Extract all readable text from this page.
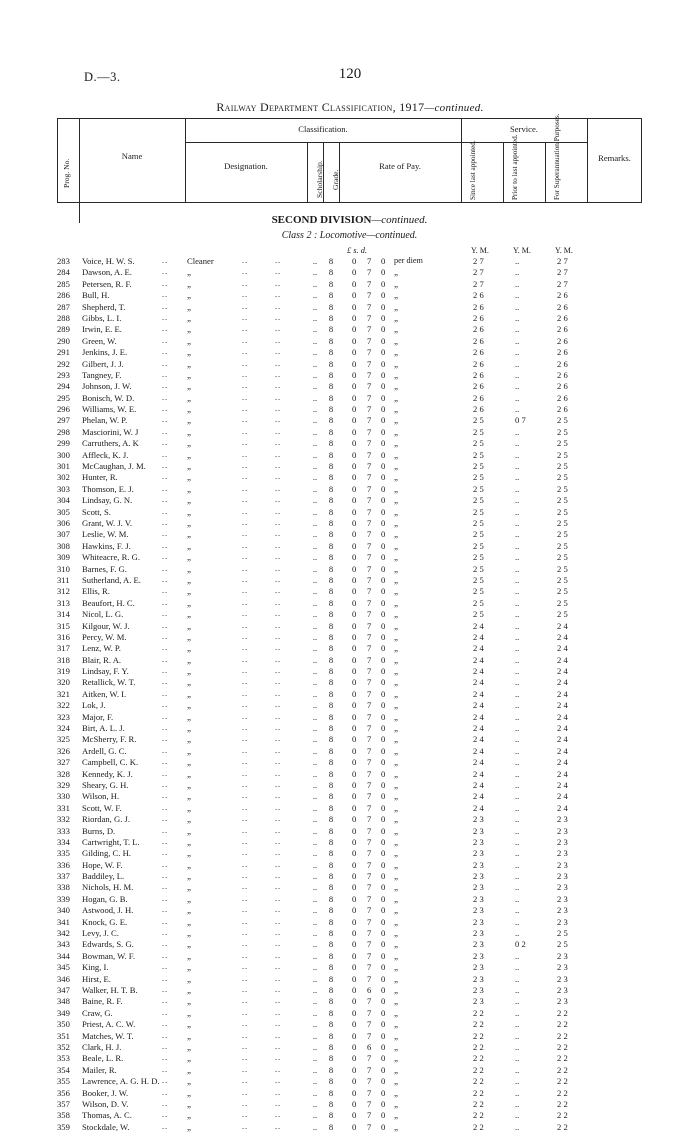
D.—3.	120
Railway Department Classification, 1917—continued.
Classification.	Service.
Designation.	Rate of Pay.
Remarks.
Name
Prog. No.	Scholarship. Grade.	Since last appointed.	Prior to last appointed.	For Superannuation Purposes.
SECOND DIVISION—continued.
Class 2 : Locomotive—continued.
£ s. d.	Y. M.	Y. M.	Y. M.
283	Voice, H. W. S.	.. Cleaner	..	..	..	8	0 7 0 per diem	2 7	..	2 7
284	Dawson, A. E.	.. „	..	..	..	8	0 7 0 „	2 7	..	2 7
285	Petersen, R. F.	.. „	..	..	..	8	0 7 0 „	2 7	..	2 7
286	Bull, H.	.. „	..	..	..	8	0 7 0 „	2 6	..	2 6
287	Shepherd, T.	.. „	..	..	..	8	0 7 0 „	2 6	..	2 6
288	Gibbs, L. I.	.. „	..	..	..	8	0 7 0 „	2 6	..	2 6
289	Irwin, E. E.	.. „	..	..	..	8	0 7 0 „	2 6	..	2 6
290	Green, W.	.. „	..	..	..	8	0 7 0 „	2 6	..	2 6
291	Jenkins, J. E.	.. „	..	..	..	8	0 7 0 „	2 6	..	2 6
292	Gilbert, J. J.	.. „	..	..	..	8	0 7 0 „	2 6	..	2 6
293	Tangney, F.	.. „	..	..	..	8	0 7 0 „	2 6	..	2 6
294	Johnson, J. W.	.. „	..	..	..	8	0 7 0 „	2 6	..	2 6
295	Bonisch, W. D.	.. „	..	..	..	8	0 7 0 „	2 6	..	2 6
296	Williams, W. E.	.. „	..	..	..	8	0 7 0 „	2 6	..	2 6
297	Phelan, W. P.	.. „	..	..	..	8	0 7 0 „	2 5	0 7	2 5
298	Masciorini, W. J	.. „	..	..	..	8	0 7 0 „	2 5	..	2 5
299	Carruthers, A. K	.. „	..	..	..	8	0 7 0 „	2 5	..	2 5
300	Affleck, K. J.	.. „	..	..	..	8	0 7 0 „	2 5	..	2 5
301	McCaughan, J. M. .. „	..	..	..	8	0 7 0 „	2 5	..	2 5
302	Hunter, R.	.. „	..	..	..	8	0 7 0 „	2 5	..	2 5
303	Thomson, E. J.	.. „	..	..	..	8	0 7 0 „	2 5	..	2 5
304	Lindsay, G. N.	.. „	..	..	..	8	0 7 0 „	2 5	..	2 5
305	Scott, S.	.. „	..	..	..	8	0 7 0 „	2 5	..	2 5
306	Grant, W. J. V.	.. „	..	..	..	8	0 7 0 „	2 5	..	2 5
307	Leslie, W. M.	.. „	..	..	..	8	0 7 0 „	2 5	..	2 5
308	Hawkins, F. J.	.. „	..	..	..	8	0 7 0 „	2 5	..	2 5
309	Whiteacre, R. G.	.. „	..	..	..	8	0 7 0 „	2 5	..	2 5
310	Barnes, F. G.	.. „	..	..	..	8	0 7 0 „	2 5	..	2 5
311	Sutherland, A. E.	.. „	..	..	..	8	0 7 0 „	2 5	..	2 5
312	Ellis, R.	.. „	..	..	..	8	0 7 0 „	2 5	..	2 5
313	Beaufort, H. C.	.. „	..	..	..	8	0 7 0 „	2 5	..	2 5
314	Nicol, L. G.	.. „	..	..	..	8	0 7 0 „	2 5	..	2 5
315	Kilgour, W. J.	.. „	..	..	..	8	0 7 0 „	2 4	..	2 4
316	Percy, W. M.	.. „	..	..	..	8	0 7 0 „	2 4	..	2 4
317	Lenz, W. P.	.. „	..	..	..	8	0 7 0 „	2 4	..	2 4
318	Blair, R. A.	.. „	..	..	..	8	0 7 0 „	2 4	..	2 4
319	Lindsay, F. Y.	.. „	..	..	..	8	0 7 0 „	2 4	..	2 4
320	Retallick, W. T.	.. „	..	..	..	8	0 7 0 „	2 4	..	2 4
321	Aitken, W. I.	.. „	..	..	..	8	0 7 0 „	2 4	..	2 4
322	Lok, J.	.. „	..	..	..	8	0 7 0 „	2 4	..	2 4
323	Major, F.	.. „	..	..	..	8	0 7 0 „	2 4	..	2 4
324	Birt, A. L. J.	.. „	..	..	..	8	0 7 0 „	2 4	..	2 4
325	McSherry, F. R.	.. „	..	..	..	8	0 7 0 „	2 4	..	2 4
326	Ardell, G. C.	.. „	..	..	..	8	0 7 0 „	2 4	..	2 4
327	Campbell, C. K.	.. „	..	..	..	8	0 7 0 „	2 4	..	2 4
328	Kennedy, K. J.	.. „	..	..	..	8	0 7 0 „	2 4	..	2 4
329	Sheary, G. H.	.. „	..	..	..	8	0 7 0 „	2 4	..	2 4
330	Wilson, H.	.. „	..	..	..	8	0 7 0 „	2 4	..	2 4
331	Scott, W. F.	.. „	..	..	..	8	0 7 0 „	2 4	..	2 4
332	Riordan, G. J.	.. „	..	..	..	8	0 7 0 „	2 3	..	2 3
333	Burns, D.	.. „	..	..	..	8	0 7 0 „	2 3	..	2 3
334	Cartwright, T. L.	.. „	..	..	..	8	0 7 0 „	2 3	..	2 3
335	Gilding, C. H.	.. „	..	..	..	8	0 7 0 „	2 3	..	2 3
336	Hope, W. F.	.. „	..	..	..	8	0 7 0 „	2 3	..	2 3
337	Baddiley, L.	.. „	..	..	..	8	0 7 0 „	2 3	..	2 3
338	Nichols, H. M.	.. „	..	..	..	8	0 7 0 „	2 3	..	2 3
339	Hogan, G. B.	.. „	..	..	..	8	0 7 0 „	2 3	..	2 3
340	Astwood, J. H.	.. „	..	..	..	8	0 7 0 „	2 3	..	2 3
341	Knock, G. E.	.. „	..	..	..	8	0 7 0 „	2 3	..	2 3
342	Levy, J. C.	.. „	..	..	..	8	0 7 0 „	2 3	..	2 5
343	Edwards, S. G.	.. „	..	..	..	8	0 7 0 „	2 3	0 2	2 5
344	Bowman, W. F.	.. „	..	..	..	8	0 7 0 „	2 3	..	2 3
345	King, I.	.. „	..	..	..	8	0 7 0 „	2 3	..	2 3
346	Hirst, E.	.. „	..	..	..	8	0 7 0 „	2 3	..	2 3
347	Walker, H. T. B.	.. „	..	..	..	8	0 6 0 „	2 3	..	2 3
348	Baine, R. F.	.. „	..	..	..	8	0 7 0 „	2 3	..	2 3
349	Craw, G.	.. „	..	..	..	8	0 7 0 „	2 2	..	2 2
350	Priest, A. C. W.	.. „	..	..	..	8	0 7 0 „	2 2	..	2 2
351	Matches, W. T.	.. „	..	..	..	8	0 7 0 „	2 2	..	2 2
352	Clark, H. J.	.. „	..	..	..	8	0 6 0 „	2 2	..	2 2
353	Beale, L. R.	.. „	..	..	..	8	0 7 0 „	2 2	..	2 2
354	Mailer, R.	.. „	..	..	..	8	0 7 0 „	2 2	..	2 2
355	Lawrence, A. G. H. D. .. „	..	..	..	8	0 7 0 „	2 2	..	2 2
356	Booker, J. W.	.. „	..	..	..	8	0 7 0 „	2 2	..	2 2
357	Wilson, D. V.	.. „	..	..	..	8	0 7 0 „	2 2	..	2 2
358	Thomas, A. C.	.. „	..	..	..	8	0 7 0 „	2 2	..	2 2
359	Stockdale, W.	.. „	..	..	..	8	0 7 0 „	2 2	..	2 2
